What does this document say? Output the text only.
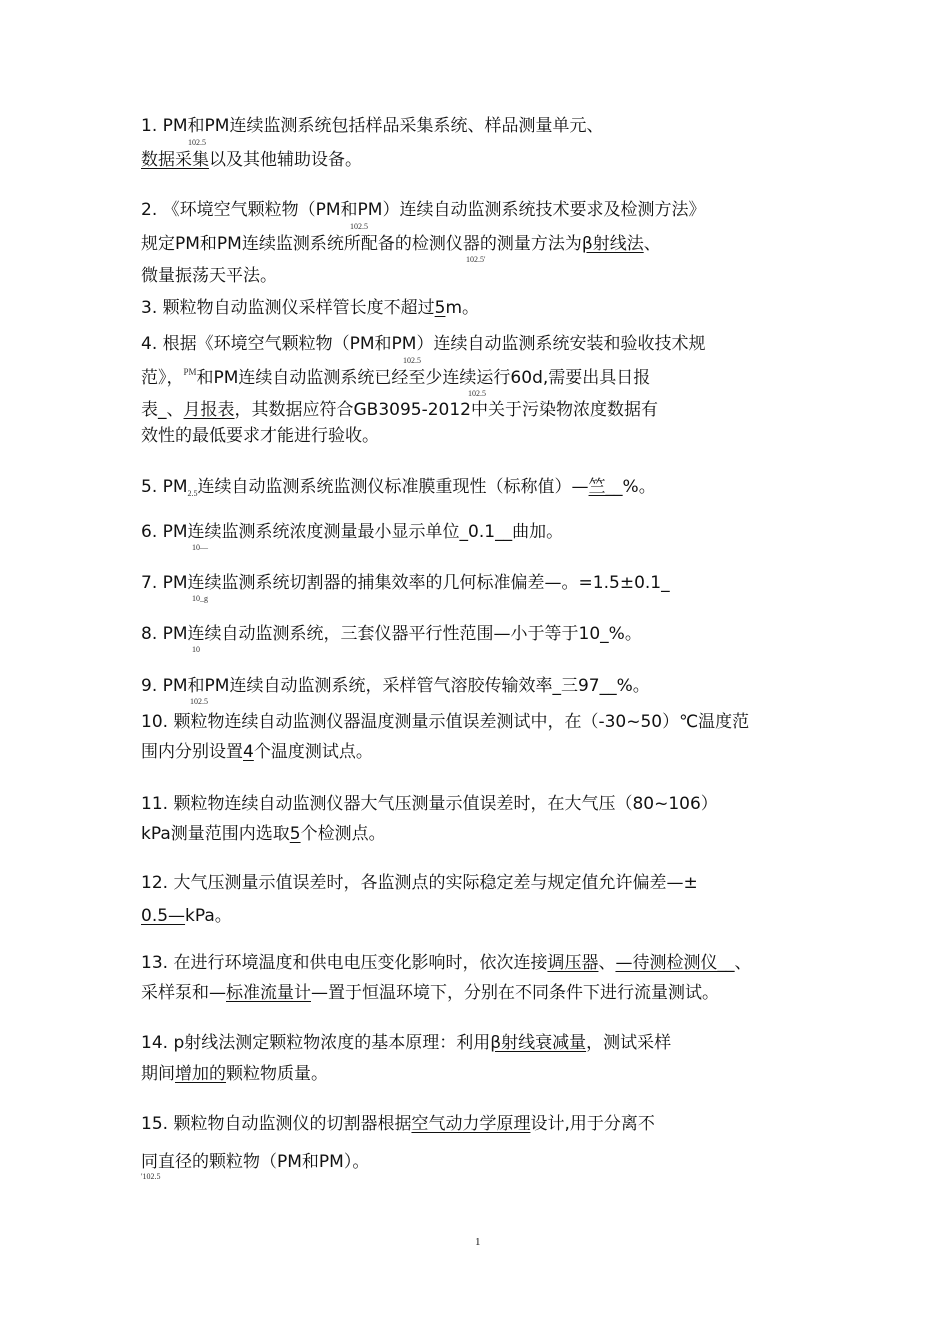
1. PM和PM连续监测系统包括样品采集系统、样品测量单元、
102.5
数据采集以及其他辅助设备。
2. 《环境空气颗粒物（PM和PM）连续自动监测系统技术要求及检测方法》
102.5
规定PM和PM连续监测系统所配备的检测仪器的测量方法为β射线法、
102.5'
微量振荡天平法。
3. 颗粒物自动监测仪采样管长度不超过5m。
4. 根据《环境空气颗粒物（PM和PM）连续自动监测系统安装和验收技术规
102.5
范》，$^{PM}$和PM连续自动监测系统已经至少连续运行60d,需要出具日报
102.5
表_、月报表，其数据应符合GB3095-2012中关于污染物浓度数据有
效性的最低要求才能进行验收。
5. $PM_{2.5}$连续自动监测系统监测仪标准膜重现性（标称值）—竺__%。
6. PM连续监测系统浓度测量最小显示单位_0.1__曲加。
10—
7. PM连续监测系统切割器的捕集效率的几何标准偏差—。=1.5±0.1_
10_g
8. PM连续自动监测系统，三套仪器平行性范围—小于等于10_%。
10
9. PM和PM连续自动监测系统，采样管气溶胶传输效率_三97__%。
102.5
10. 颗粒物连续自动监测仪器温度测量示值误差测试中，在（-30~50）℃温度范
围内分别设置4个温度测试点。
11. 颗粒物连续自动监测仪器大气压测量示值误差时，在大气压（80~106）
kPa测量范围内选取5个检测点。
12. 大气压测量示值误差时，各监测点的实际稳定差与规定值允许偏差—±
0.5—kPa。
13. 在进行环境温度和供电电压变化影响时，依次连接调压器、—待测检测仪__、
采样泵和—标准流量计—置于恒温环境下，分别在不同条件下进行流量测试。
14. p射线法测定颗粒物浓度的基本原理：利用β射线衰减量，测试采样
期间增加的颗粒物质量。
15. 颗粒物自动监测仪的切割器根据空气动力学原理设计,用于分离不
同直径的颗粒物（PM和PM）。
'102.5
1
